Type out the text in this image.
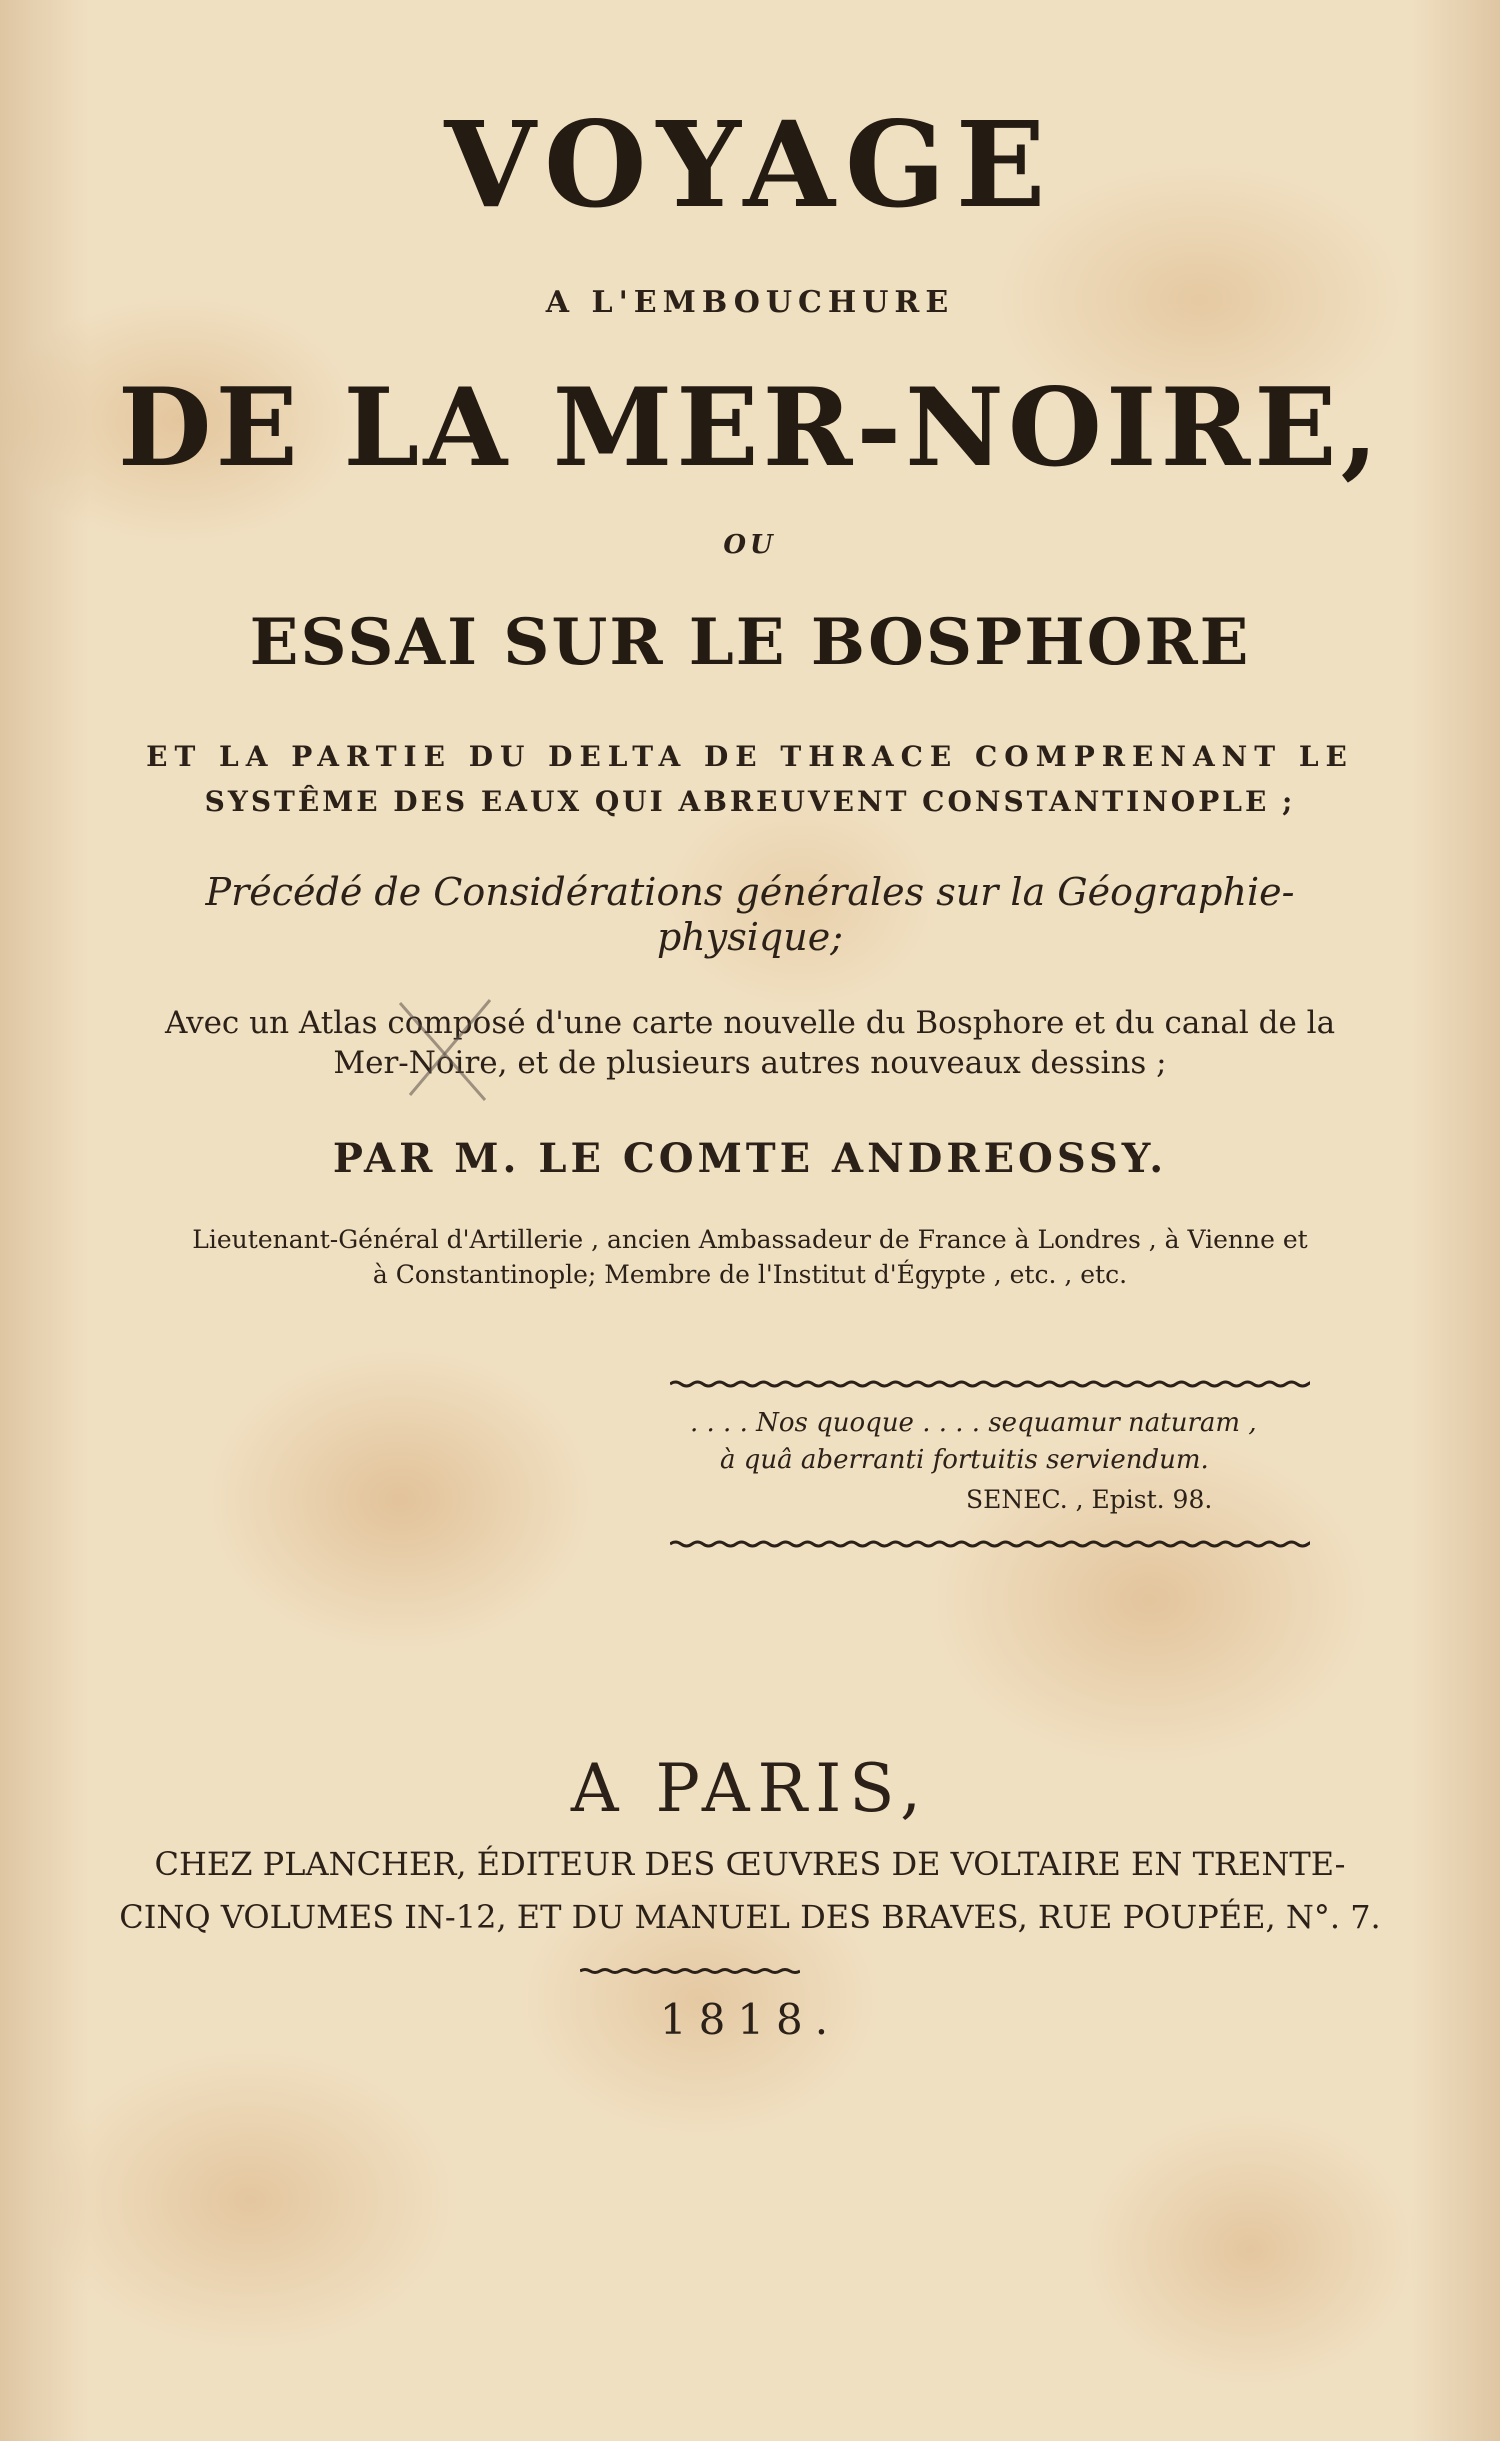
VOYAGE
A L'EMBOUCHURE
DE LA MER-NOIRE,
OU
ESSAI SUR LE BOSPHORE
ET LA PARTIE DU DELTA DE THRACE COMPRENANT LE
SYSTÊME DES EAUX QUI ABREUVENT CONSTANTINOPLE ;
Précédé de Considérations générales sur la Géographie-
physique;
Avec un Atlas composé d'une carte nouvelle du Bosphore et du canal de la
Mer-Noire, et de plusieurs autres nouveaux dessins ;
PAR M. LE COMTE ANDREOSSY.
Lieutenant-Général d'Artillerie , ancien Ambassadeur de France à Londres , à Vienne et
à Constantinople; Membre de l'Institut d'Égypte , etc. , etc.
. . . . Nos quoque . . . . sequamur naturam ,
à quâ aberranti fortuitis serviendum.
SENEC. , Epist. 98.
A PARIS,
CHEZ PLANCHER, ÉDITEUR DES ŒUVRES DE VOLTAIRE EN TRENTE-
CINQ VOLUMES IN-12, ET DU MANUEL DES BRAVES, RUE POUPÉE, N°. 7.
1818.
